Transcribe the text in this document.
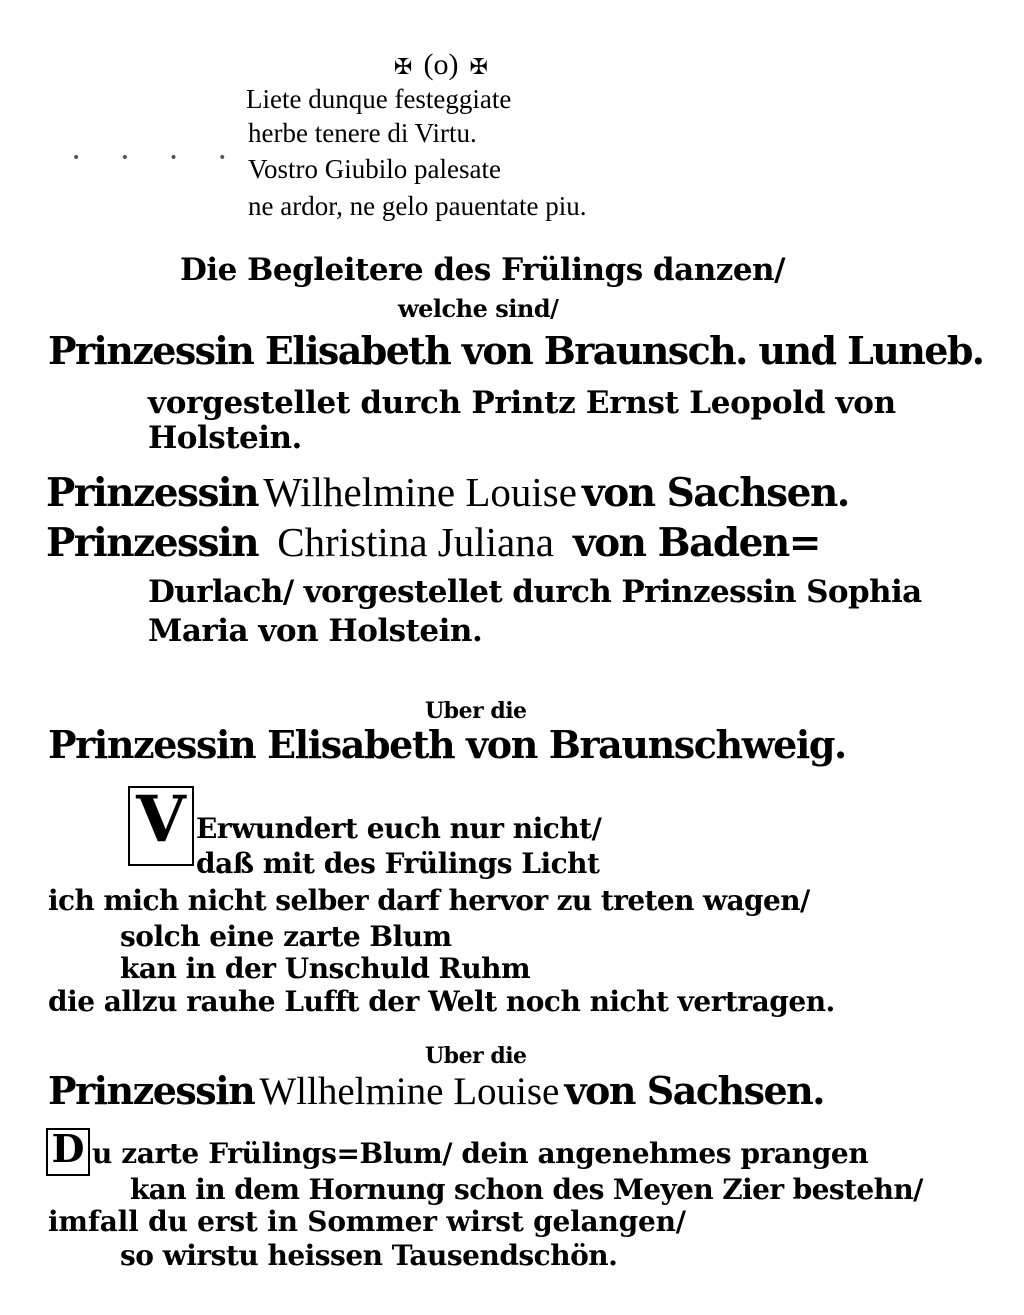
✠ (o) ✠
• • • •
Liete dunque festeggiate
herbe tenere di Virtu.
Vostro Giubilo palesate
ne ardor, ne gelo pauentate piu.
Die Begleitere des Frülings danzen/
welche sind/
Prinzessin Elisabeth von Braunsch. und Luneb.
vorgestellet durch Printz Ernst Leopold von
Holstein.
Prinzessin Wilhelmine Louise von Sachsen.
Prinzessin Christina Juliana von Baden=
Durlach/ vorgestellet durch Prinzessin Sophia
Maria von Holstein.
Uber die
Prinzessin Elisabeth von Braunschweig.
V Erwundert euch nur nicht/
daß mit des Frülings Licht
ich mich nicht selber darf hervor zu treten wagen/
solch eine zarte Blum
kan in der Unschuld Ruhm
die allzu rauhe Lufft der Welt noch nicht vertragen.
Uber die
Prinzessin Wllhelmine Louise von Sachsen.
D u zarte Frülings=Blum/ dein angenehmes prangen
kan in dem Hornung schon des Meyen Zier bestehn/
imfall du erst in Sommer wirst gelangen/
so wirstu heissen Tausendschön.
